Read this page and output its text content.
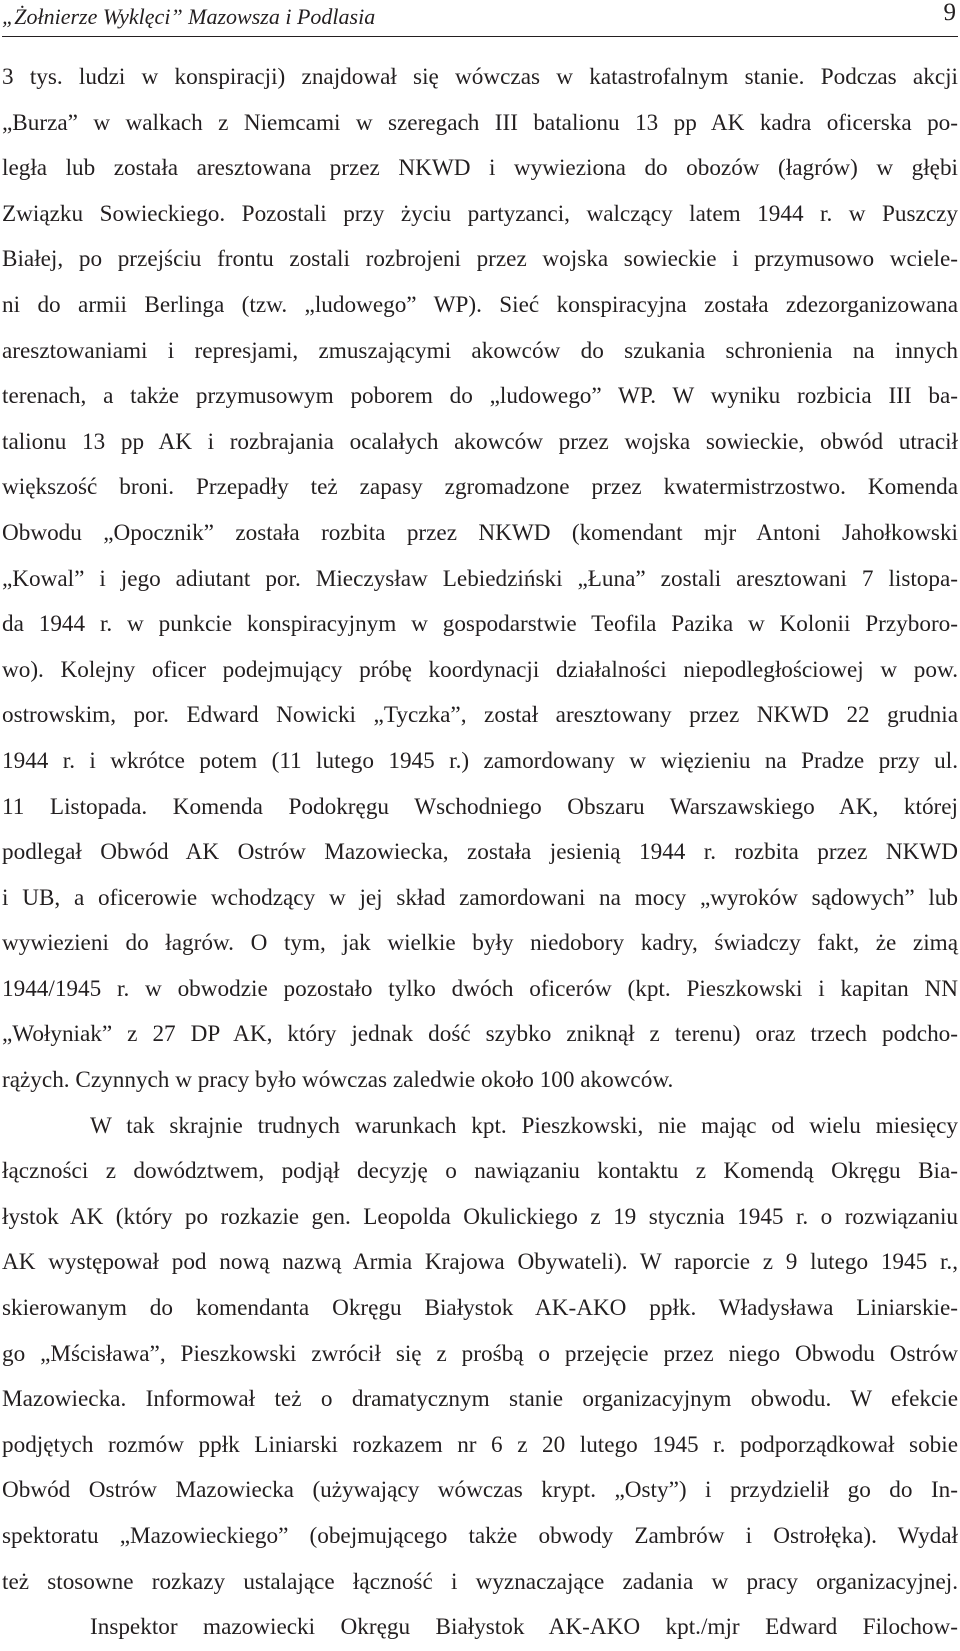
„Żołnierze Wyklęci” Mazowsza i Podlasia	9
3 tys. ludzi w konspiracji) znajdował się wówczas w katastrofalnym stanie. Podczas akcji
„Burza” w walkach z Niemcami w szeregach III batalionu 13 pp AK kadra oficerska po-
legła lub została aresztowana przez NKWD i wywieziona do obozów (łagrów) w głębi
Związku Sowieckiego. Pozostali przy życiu partyzanci, walczący latem 1944 r. w Puszczy
Białej, po przejściu frontu zostali rozbrojeni przez wojska sowieckie i przymusowo wciele-
ni do armii Berlinga (tzw. „ludowego” WP). Sieć konspiracyjna została zdezorganizowana
aresztowaniami i represjami, zmuszającymi akowców do szukania schronienia na innych
terenach, a także przymusowym poborem do „ludowego” WP. W wyniku rozbicia III ba-
talionu 13 pp AK i rozbrajania ocalałych akowców przez wojska sowieckie, obwód utracił
większość broni. Przepadły też zapasy zgromadzone przez kwatermistrzostwo. Komenda
Obwodu „Opocznik” została rozbita przez NKWD (komendant mjr Antoni Jahołkowski
„Kowal” i jego adiutant por. Mieczysław Lebiedziński „Łuna” zostali aresztowani 7 listopa-
da 1944 r. w punkcie konspiracyjnym w gospodarstwie Teofila Pazika w Kolonii Przyboro-
wo). Kolejny oficer podejmujący próbę koordynacji działalności niepodległościowej w pow.
ostrowskim, por. Edward Nowicki „Tyczka”, został aresztowany przez NKWD 22 grudnia
1944 r. i wkrótce potem (11 lutego 1945 r.) zamordowany w więzieniu na Pradze przy ul.
11 Listopada. Komenda Podokręgu Wschodniego Obszaru Warszawskiego AK, której
podlegał Obwód AK Ostrów Mazowiecka, została jesienią 1944 r. rozbita przez NKWD
i UB, a oficerowie wchodzący w jej skład zamordowani na mocy „wyroków sądowych” lub
wywiezieni do łagrów. O tym, jak wielkie były niedobory kadry, świadczy fakt, że zimą
1944/1945 r. w obwodzie pozostało tylko dwóch oficerów (kpt. Pieszkowski i kapitan NN
„Wołyniak” z 27 DP AK, który jednak dość szybko zniknął z terenu) oraz trzech podcho-
rążych. Czynnych w pracy było wówczas zaledwie około 100 akowców.
W tak skrajnie trudnych warunkach kpt. Pieszkowski, nie mając od wielu miesięcy
łączności z dowództwem, podjął decyzję o nawiązaniu kontaktu z Komendą Okręgu Bia-
łystok AK (który po rozkazie gen. Leopolda Okulickiego z 19 stycznia 1945 r. o rozwiązaniu
AK występował pod nową nazwą Armia Krajowa Obywateli). W raporcie z 9 lutego 1945 r.,
skierowanym do komendanta Okręgu Białystok AK-AKO ppłk. Władysława Liniarskie-
go „Mścisława”, Pieszkowski zwrócił się z prośbą o przejęcie przez niego Obwodu Ostrów
Mazowiecka. Informował też o dramatycznym stanie organizacyjnym obwodu. W efekcie
podjętych rozmów ppłk Liniarski rozkazem nr 6 z 20 lutego 1945 r. podporządkował sobie
Obwód Ostrów Mazowiecka (używający wówczas krypt. „Osty”) i przydzielił go do In-
spektoratu „Mazowieckiego” (obejmującego także obwody Zambrów i Ostrołęka). Wydał
też stosowne rozkazy ustalające łączność i wyznaczające zadania w pracy organizacyjnej.
Inspektor mazowiecki Okręgu Białystok AK-AKO kpt./mjr Edward Filochow-
